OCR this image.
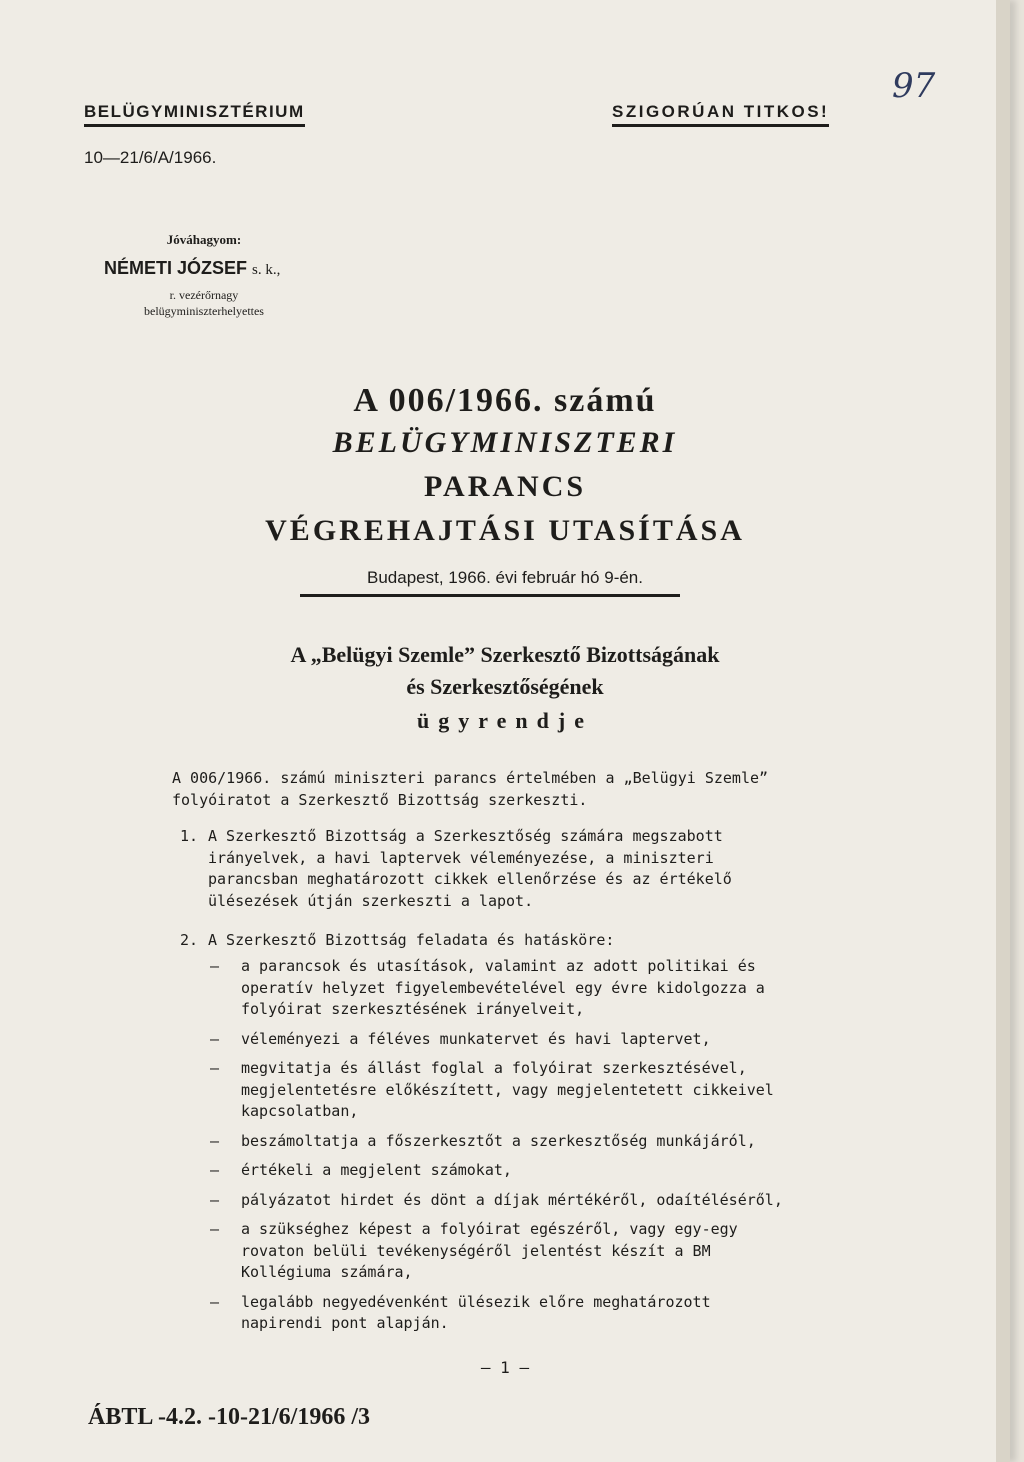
BELÜGYMINISZTÉRIUM	SZIGORÚAN TITKOS!
97
10—21/6/A/1966.
Jóváhagyom:
NÉMETI JÓZSEF s. k.,
r. vezérőrnagy
belügyminiszterhelyettes
A 006/1966. számú
BELÜGYMINISZTERI
PARANCS
VÉGREHAJTÁSI UTASÍTÁSA
Budapest, 1966. évi február hó 9-én.
A „Belügyi Szemle” Szerkesztő Bizottságának
és Szerkesztőségének
ügyrendje
A 006/1966. számú miniszteri parancs értelmében a „Belügyi Szemle” folyóiratot a Szerkesztő Bizottság szerkeszti.
1. A Szerkesztő Bizottság a Szerkesztőség számára megszabott irányelvek, a havi laptervek véleményezése, a miniszteri parancsban meghatározott cikkek ellenőrzése és az értékelő ülésezések útján szerkeszti a lapot.
2. A Szerkesztő Bizottság feladata és hatásköre:
— a parancsok és utasítások, valamint az adott politikai és operatív helyzet figyelembevételével egy évre kidolgozza a folyóirat szerkesztésének irányelveit,
— véleményezi a féléves munkatervet és havi laptervet,
— megvitatja és állást foglal a folyóirat szerkesztésével, megjelentetésre előkészített, vagy megjelentetett cikkeivel kapcsolatban,
— beszámoltatja a főszerkesztőt a szerkesztőség munkájáról,
— értékeli a megjelent számokat,
— pályázatot hirdet és dönt a díjak mértékéről, odaítéléséről,
— a szükséghez képest a folyóirat egészéről, vagy egy-egy rovaton belüli tevékenységéről jelentést készít a BM Kollégiuma számára,
— legalább negyedévenként ülésezik előre meghatározott napirendi pont alapján.
— 1 —
ÁBTL -4.2. -10-21/6/1966 /3
